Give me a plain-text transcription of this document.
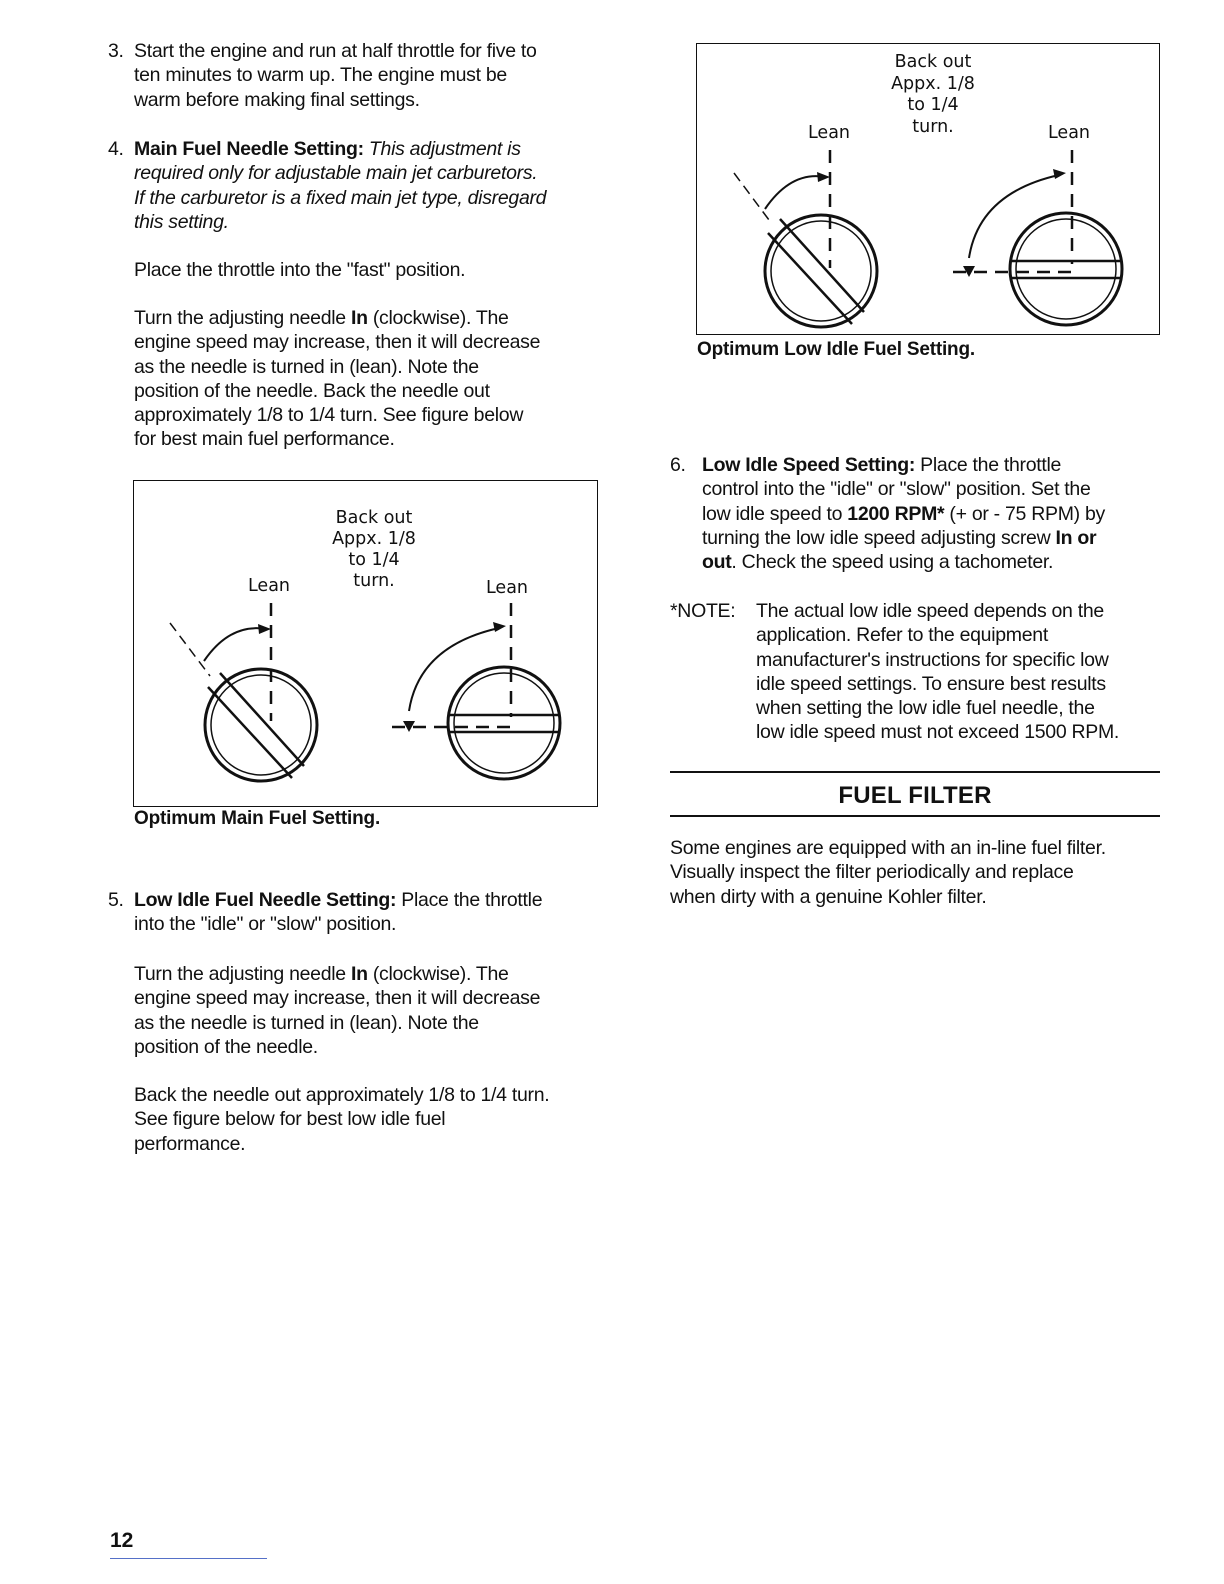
3. Start the engine and run at half throttle for five to
ten minutes to warm up. The engine must be
warm before making final settings.
4. Main Fuel Needle Setting: This adjustment is
required only for adjustable main jet carburetors.
If the carburetor is a fixed main jet type, disregard
this setting.
Place the throttle into the "fast" position.
Turn the adjusting needle In (clockwise). The
engine speed may increase, then it will decrease
as the needle is turned in (lean). Note the
position of the needle. Back the needle out
approximately 1/8 to 1/4 turn. See figure below
for best main fuel performance.
Back out
Appx. 1/8
to 1/4
turn.
Lean	Lean
Optimum Main Fuel Setting.
5. Low Idle Fuel Needle Setting: Place the throttle
into the "idle" or "slow" position.
Turn the adjusting needle In (clockwise). The
engine speed may increase, then it will decrease
as the needle is turned in (lean). Note the
position of the needle.
Back the needle out approximately 1/8 to 1/4 turn.
See figure below for best low idle fuel
performance.
12
Back out
Appx. 1/8
to 1/4
turn.
Lean	Lean
Optimum Low Idle Fuel Setting.
6. Low Idle Speed Setting: Place the throttle
control into the "idle" or "slow" position. Set the
low idle speed to 1200 RPM* (+ or - 75 RPM) by
turning the low idle speed adjusting screw In or
out. Check the speed using a tachometer.
*NOTE:	The actual low idle speed depends on the
application. Refer to the equipment
manufacturer's instructions for specific low
idle speed settings. To ensure best results
when setting the low idle fuel needle, the
low idle speed must not exceed 1500 RPM.
FUEL FILTER
Some engines are equipped with an in-line fuel filter.
Visually inspect the filter periodically and replace
when dirty with a genuine Kohler filter.
